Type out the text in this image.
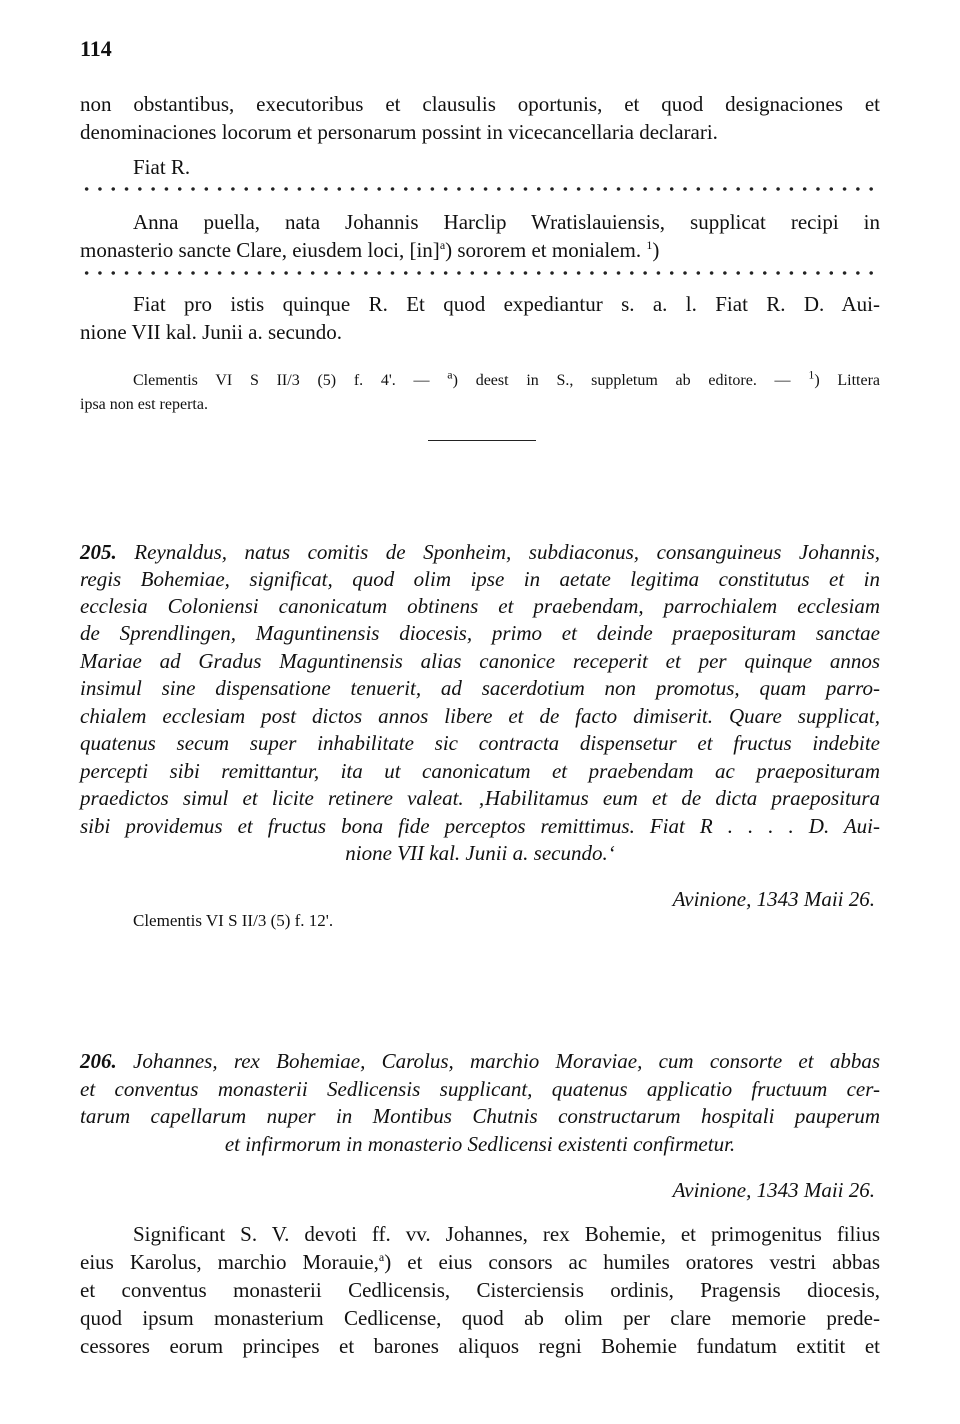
114
non obstantibus, executoribus et clausulis oportunis, et quod designaciones et
denominaciones locorum et personarum possint in vicecancellaria declarari.
Fiat R.
Anna puella, nata Johannis Harclip Wratislauiensis, supplicat recipi in
monasterio sancte Clare, eiusdem loci, [in]$^a$) sororem et monialem. $^1$)
Fiat pro istis quinque R. Et quod expediantur s. a. l. Fiat R. D. Aui-
nione VII kal. Junii a. secundo.
Clementis VI S II/3 (5) f. 4'. — $^a$) deest in S., suppletum ab editore. — $^1$) Littera
ipsa non est reperta.
205. Reynaldus, natus comitis de Sponheim, subdiaconus, consanguineus Johannis,
regis Bohemiae, significat, quod olim ipse in aetate legitima constitutus et in
ecclesia Coloniensi canonicatum obtinens et praebendam, parrochialem ecclesiam
de Sprendlingen, Maguntinensis diocesis, primo et deinde praeposituram sanctae
Mariae ad Gradus Maguntinensis alias canonice receperit et per quinque annos
insimul sine dispensatione tenuerit, ad sacerdotium non promotus, quam parro-
chialem ecclesiam post dictos annos libere et de facto dimiserit. Quare supplicat,
quatenus secum super inhabilitate sic contracta dispensetur et fructus indebite
percepti sibi remittantur, ita ut canonicatum et praebendam ac praeposituram
praedictos simul et licite retinere valeat. ‚Habilitamus eum et de dicta praepositura
sibi providemus et fructus bona fide perceptos remittimus. Fiat R . . . . D. Aui-
nione VII kal. Junii a. secundo.‘
Avinione, 1343 Maii 26.
Clementis VI S II/3 (5) f. 12'.
206. Johannes, rex Bohemiae, Carolus, marchio Moraviae, cum consorte et abbas
et conventus monasterii Sedlicensis supplicant, quatenus applicatio fructuum cer-
tarum capellarum nuper in Montibus Chutnis constructarum hospitali pauperum
et infirmorum in monasterio Sedlicensi existenti confirmetur.
Avinione, 1343 Maii 26.
Significant S. V. devoti ff. vv. Johannes, rex Bohemie, et primogenitus filius
eius Karolus, marchio Morauie,$^a$) et eius consors ac humiles oratores vestri abbas
et conventus monasterii Cedlicensis, Cisterciensis ordinis, Pragensis diocesis,
quod ipsum monasterium Cedlicense, quod ab olim per clare memorie prede-
cessores eorum principes et barones aliquos regni Bohemie fundatum extitit et
